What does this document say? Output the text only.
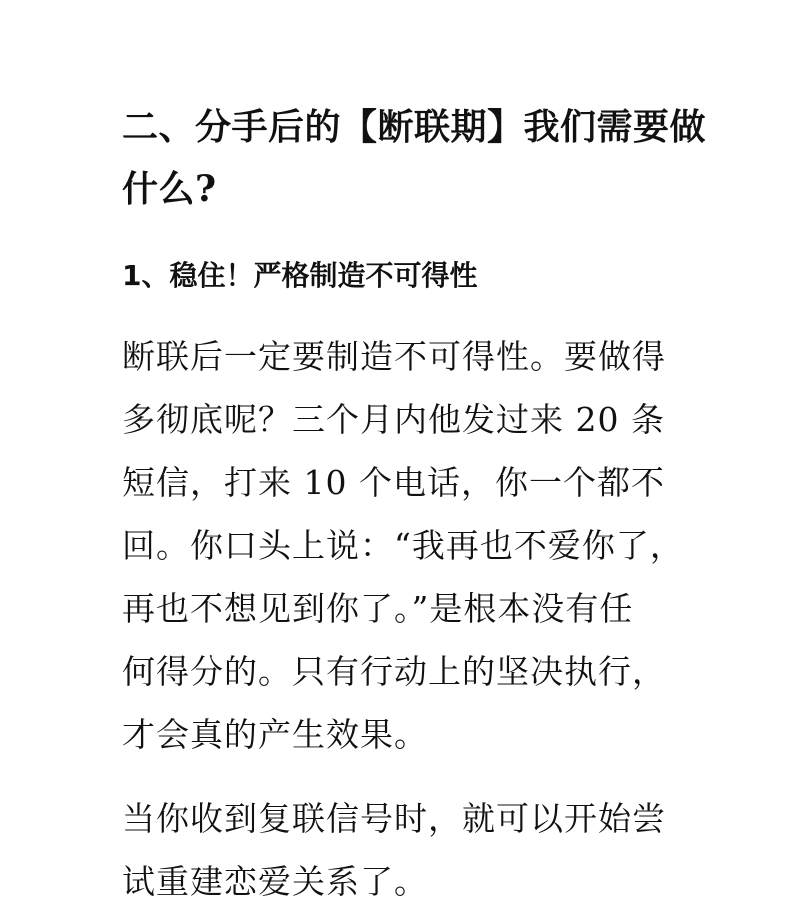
二、分手后的【断联期】我们需要做
什么?
1、稳住！严格制造不可得性

断联后一定要制造不可得性。要做得
多彻底呢？三个月内他发过来 20 条
短信，打来 10 个电话，你一个都不
回。你口头上说：“我再也不爱你了，
再也不想见到你了。”是根本没有任
何得分的。只有行动上的坚决执行，
才会真的产生效果。

当你收到复联信号时，就可以开始尝
试重建恋爱关系了。
